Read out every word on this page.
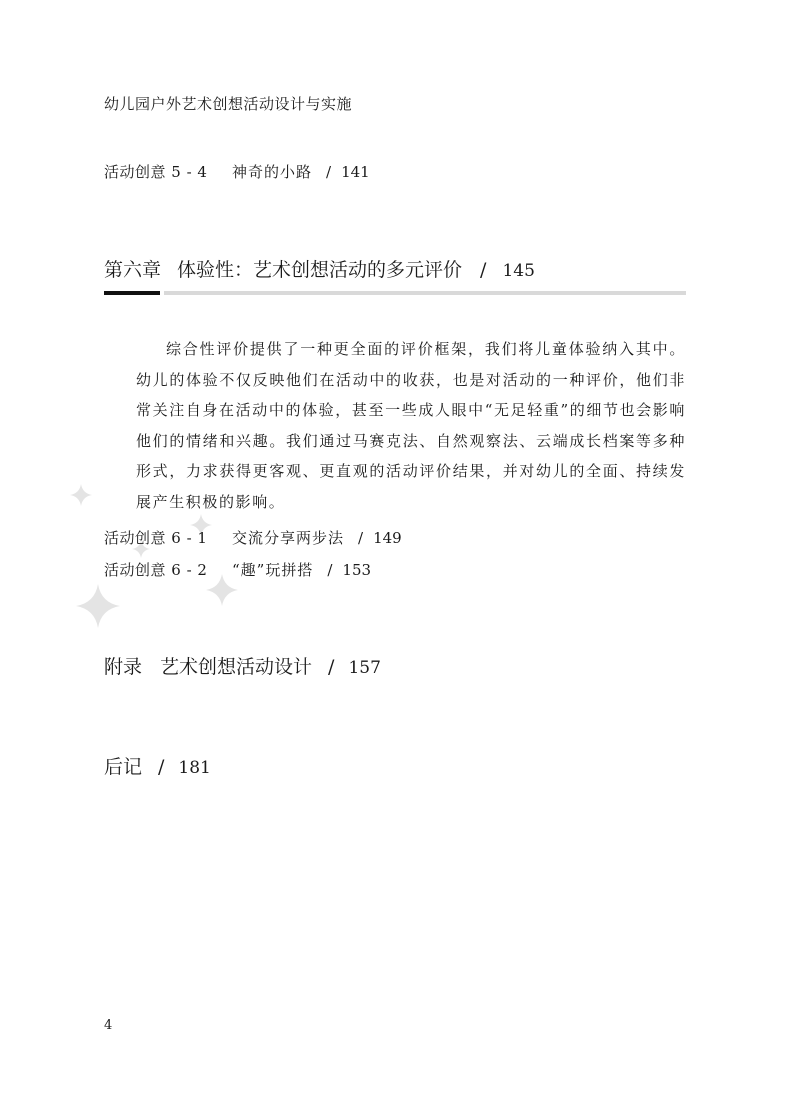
幼儿园户外艺术创想活动设计与实施
活动创意 5 - 4 神奇的小路 / 141
第六章 体验性：艺术创想活动的多元评价 / 145

综合性评价提供了一种更全面的评价框架，我们将儿童体验纳入其中。幼儿的体验不仅反映他们在活动中的收获，也是对活动的一种评价，他们非常关注自身在活动中的体验，甚至一些成人眼中“无足轻重”的细节也会影响他们的情绪和兴趣。我们通过马赛克法、自然观察法、云端成长档案等多种形式，力求获得更客观、更直观的活动评价结果，并对幼儿的全面、持续发展产生积极的影响。

活动创意 6 - 1 交流分享两步法 / 149
活动创意 6 - 2 “趣”玩拼搭 / 153
附录 艺术创想活动设计 / 157
后记 / 181
4
